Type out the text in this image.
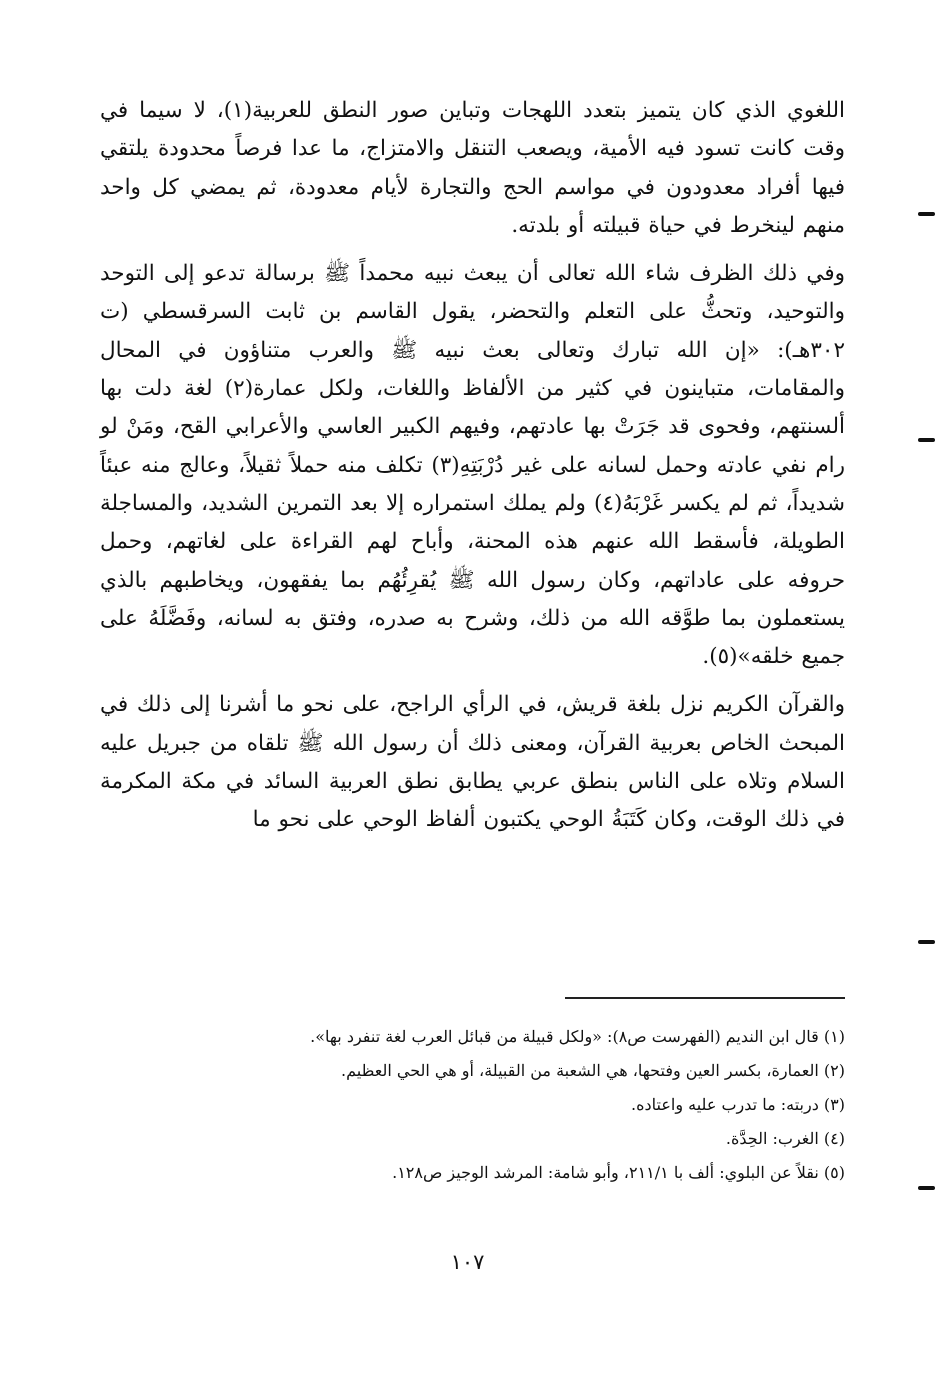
اللغوي الذي كان يتميز بتعدد اللهجات وتباين صور النطق للعربية(١)، لا سيما في وقت كانت تسود فيه الأمية، ويصعب التنقل والامتزاج، ما عدا فرصاً محدودة يلتقي فيها أفراد معدودون في مواسم الحج والتجارة لأيام معدودة، ثم يمضي كل واحد منهم لينخرط في حياة قبيلته أو بلدته.

وفي ذلك الظرف شاء الله تعالى أن يبعث نبيه محمداً ﷺ برسالة تدعو إلى التوحد والتوحيد، وتحثُّ على التعلم والتحضر، يقول القاسم بن ثابت السرقسطي (ت ٣٠٢هـ): «إن الله تبارك وتعالى بعث نبيه ﷺ والعرب متناؤون في المحال والمقامات، متباينون في كثير من الألفاظ واللغات، ولكل عمارة(٢) لغة دلت بها ألسنتهم، وفحوى قد جَرَتْ بها عادتهم، وفيهم الكبير العاسي والأعرابي القح، ومَنْ لو رام نفي عادته وحمل لسانه على غير دُرْبَتِهِ(٣) تكلف منه حملاً ثقيلاً، وعالج منه عبئاً شديداً، ثم لم يكسر غَرْبَهُ(٤) ولم يملك استمراره إلا بعد التمرين الشديد، والمساجلة الطويلة، فأسقط الله عنهم هذه المحنة، وأباح لهم القراءة على لغاتهم، وحمل حروفه على عاداتهم، وكان رسول الله ﷺ يُقرِئُهُم بما يفقهون، ويخاطبهم بالذي يستعملون بما طوَّقه الله من ذلك، وشرح به صدره، وفتق به لسانه، وفَضَّلَهُ على جميع خلقه»(٥).

والقرآن الكريم نزل بلغة قريش، في الرأي الراجح، على نحو ما أشرنا إلى ذلك في المبحث الخاص بعربية القرآن، ومعنى ذلك أن رسول الله ﷺ تلقاه من جبريل عليه السلام وتلاه على الناس بنطق عربي يطابق نطق العربية السائد في مكة المكرمة في ذلك الوقت، وكان كَتَبَةُ الوحي يكتبون ألفاظ الوحي على نحو ما

(١) قال ابن النديم (الفهرست ص٨): «ولكل قبيلة من قبائل العرب لغة تنفرد بها».

(٢) العمارة، بكسر العين وفتحها، هي الشعبة من القبيلة، أو هي الحي العظيم.

(٣) دربته: ما تدرب عليه واعتاده.

(٤) الغرب: الحِدَّة.

(٥) نقلاً عن البلوي: ألف با ٢١١/١، وأبو شامة: المرشد الوجيز ص١٢٨.

١٠٧
